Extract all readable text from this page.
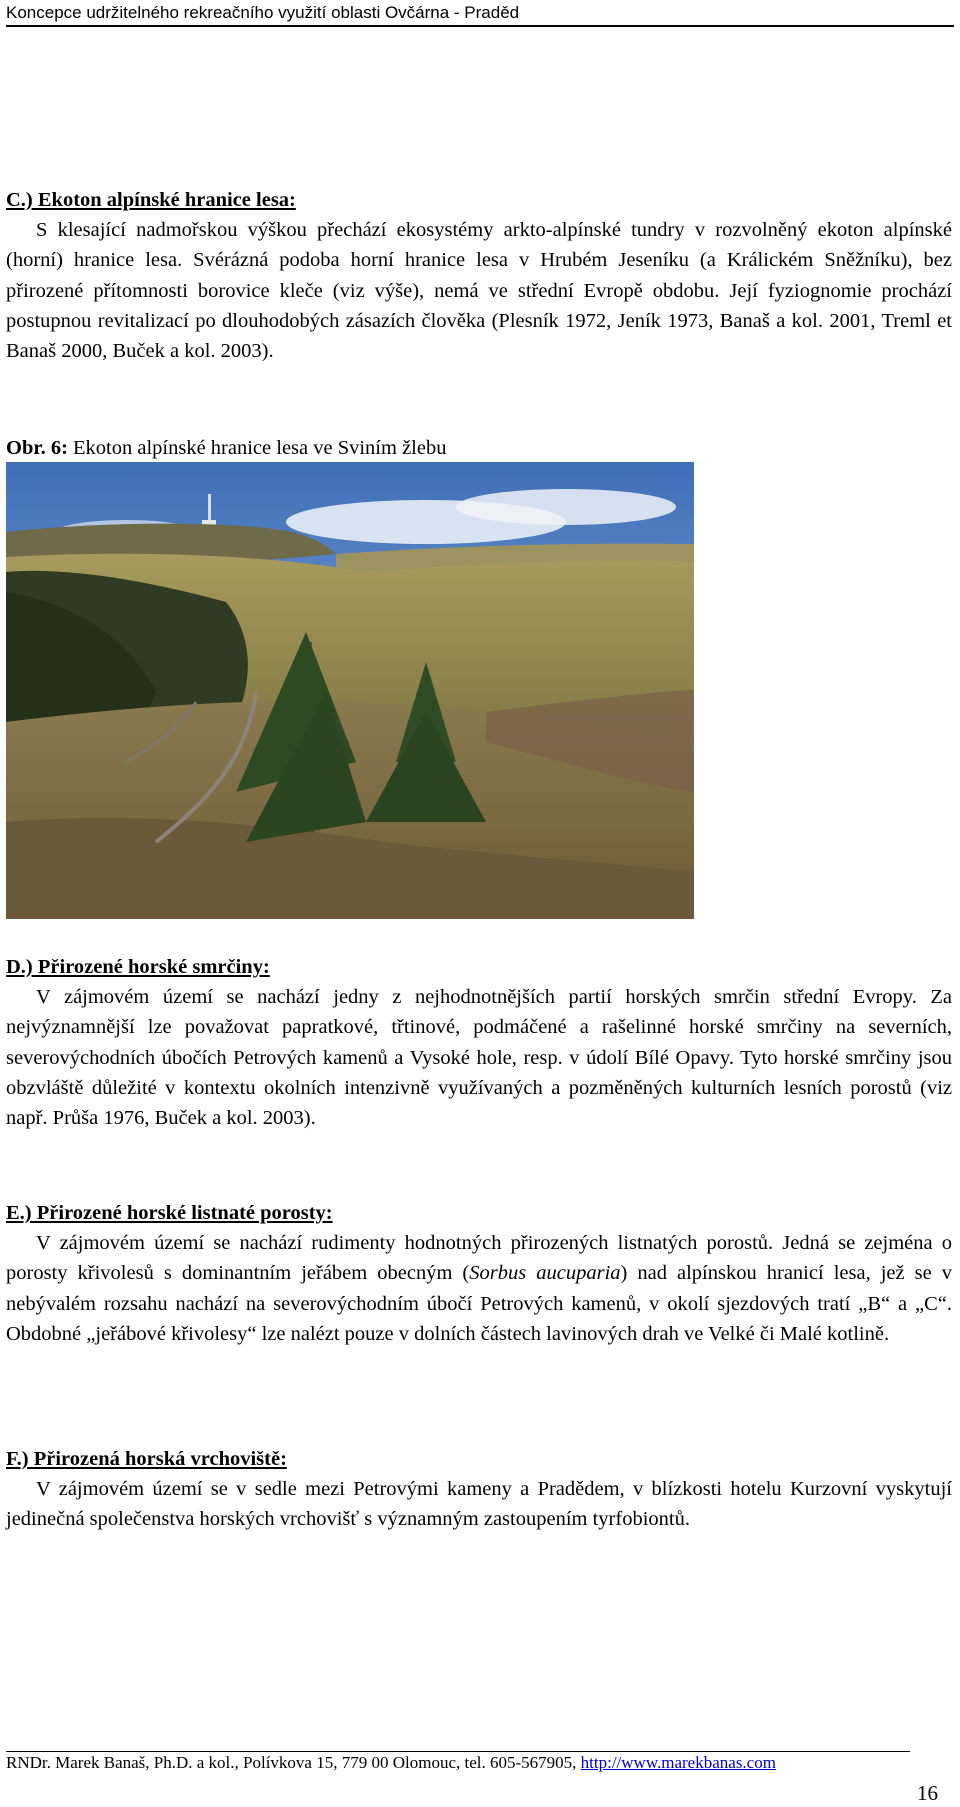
Koncepce udržitelného rekreačního využití oblasti Ovčárna - Praděd
C.) Ekoton alpínské hranice lesa:

S klesající nadmořskou výškou přechází ekosystémy arkto-alpínské tundry v rozvolněný ekoton alpínské (horní) hranice lesa. Svérázná podoba horní hranice lesa v Hrubém Jeseníku (a Králickém Sněžníku), bez přirozené přítomnosti borovice kleče (viz výše), nemá ve střední Evropě obdobu. Její fyziognomie prochází postupnou revitalizací po dlouhodobých zásazích člověka (Plesník 1972, Jeník 1973, Banaš a kol. 2001, Treml et Banaš 2000, Buček a kol. 2003).

Obr. 6: Ekoton alpínské hranice lesa ve Sviním žlebu
D.) Přirozené horské smrčiny:

V zájmovém území se nachází jedny z nejhodnotnějších partií horských smrčin střední Evropy. Za nejvýznamnější lze považovat papratkové, třtinové, podmáčené a rašelinné horské smrčiny na severních, severovýchodních úbočích Petrových kamenů a Vysoké hole, resp. v údolí Bílé Opavy. Tyto horské smrčiny jsou obzvláště důležité v kontextu okolních intenzivně využívaných a pozměněných kulturních lesních porostů (viz např. Průša 1976, Buček a kol. 2003).

E.) Přirozené horské listnaté porosty:

V zájmovém území se nachází rudimenty hodnotných přirozených listnatých porostů. Jedná se zejména o porosty křivolesů s dominantním jeřábem obecným (Sorbus aucuparia) nad alpínskou hranicí lesa, jež se v nebývalém rozsahu nachází na severovýchodním úbočí Petrových kamenů, v okolí sjezdových tratí „B“ a „C“. Obdobné „jeřábové křivolesy“ lze nalézt pouze v dolních částech lavinových drah ve Velké či Malé kotlině.

F.) Přirozená horská vrchoviště:

V zájmovém území se v sedle mezi Petrovými kameny a Pradědem, v blízkosti hotelu Kurzovní vyskytují jedinečná společenstva horských vrchovišť s významným zastoupením tyrfobiontů.

RNDr. Marek Banaš, Ph.D. a kol., Polívkova 15, 779 00 Olomouc, tel. 605-567905, http://www.marekbanas.com
16
